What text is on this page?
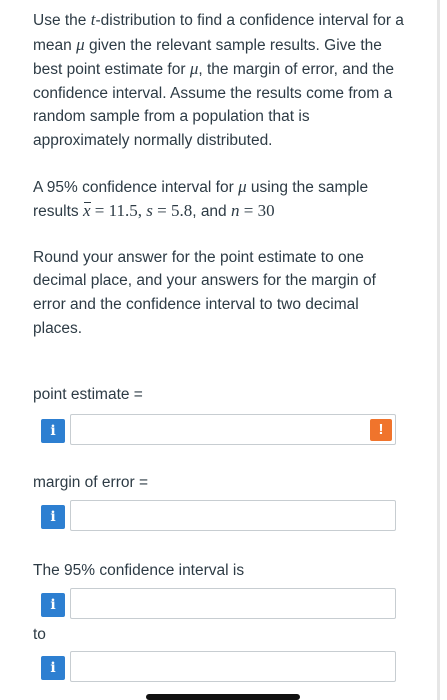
Use the t-distribution to find a confidence interval for a mean μ given the relevant sample results. Give the best point estimate for μ, the margin of error, and the confidence interval. Assume the results come from a random sample from a population that is approximately normally distributed.

A 95% confidence interval for μ using the sample results x = 11.5, s = 5.8, and n = 30

Round your answer for the point estimate to one decimal place, and your answers for the margin of error and the confidence interval to two decimal places.

point estimate =
i	!
margin of error =
i
The 95% confidence interval is
i
to
i
